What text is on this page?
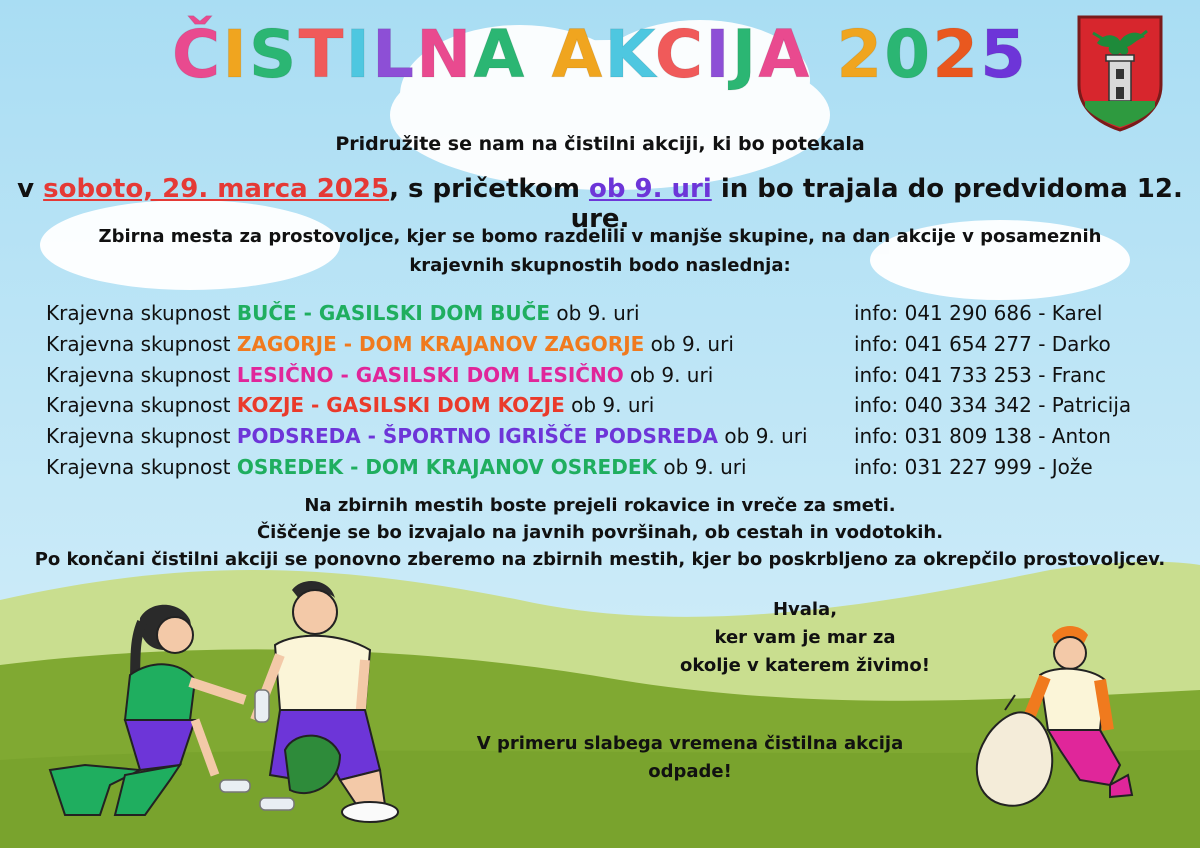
ČISTILNA AKCIJA 2025
Pridružite se nam na čistilni akciji, ki bo potekala
v soboto, 29. marca 2025, s pričetkom ob 9. uri in bo trajala do predvidoma 12. ure.
Zbirna mesta za prostovoljce, kjer se bomo razdelili v manjše skupine, na dan akcije v posameznih
krajevnih skupnostih bodo naslednja:
Krajevna skupnost BUČE - GASILSKI DOM BUČE ob 9. uri	info: 041 290 686 - Karel
Krajevna skupnost ZAGORJE - DOM KRAJANOV ZAGORJE ob 9. uri	info: 041 654 277 - Darko
Krajevna skupnost LESIČNO - GASILSKI DOM LESIČNO ob 9. uri	info: 041 733 253 - Franc
Krajevna skupnost KOZJE - GASILSKI DOM KOZJE ob 9. uri	info: 040 334 342 - Patricija
Krajevna skupnost PODSREDA - ŠPORTNO IGRIŠČE PODSREDA ob 9. uri info: 031 809 138 - Anton
Krajevna skupnost OSREDEK - DOM KRAJANOV OSREDEK ob 9. uri	info: 031 227 999 - Jože
Na zbirnih mestih boste prejeli rokavice in vreče za smeti.
Čiščenje se bo izvajalo na javnih površinah, ob cestah in vodotokih.
Po končani čistilni akciji se ponovno zberemo na zbirnih mestih, kjer bo poskrbljeno za okrepčilo prostovoljcev.
Hvala,
ker vam je mar za
okolje v katerem živimo!
V primeru slabega vremena čistilna akcija
odpade!
